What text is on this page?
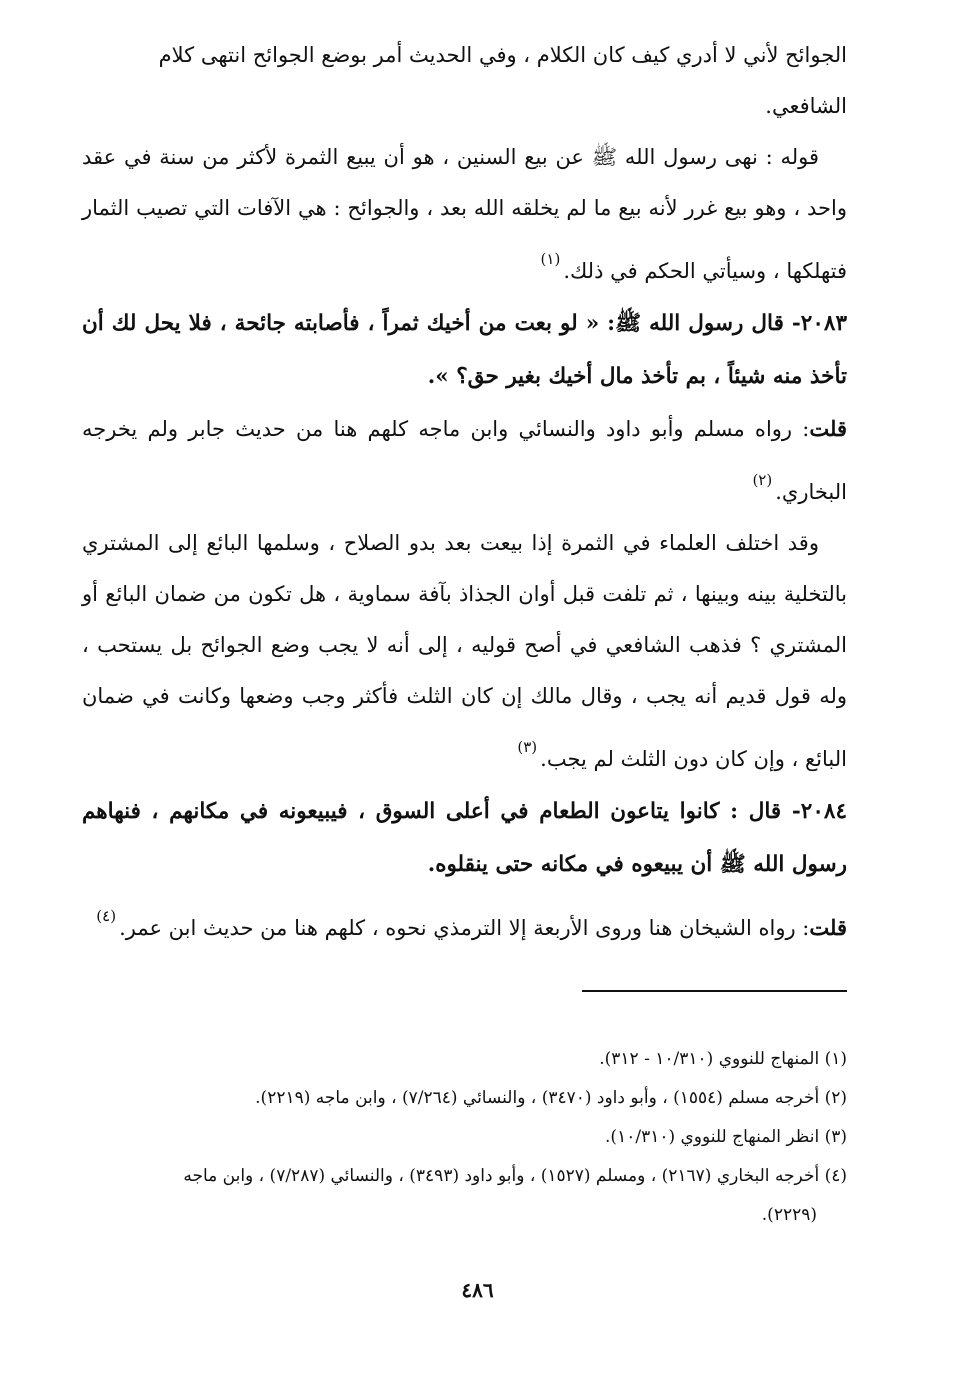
الجوائح لأني لا أدري كيف كان الكلام ، وفي الحديث أمر بوضع الجوائح انتهى كلام
الشافعي.

قوله : نهى رسول الله ﷺ عن بيع السنين ، هو أن يبيع الثمرة لأكثر من سنة في عقد واحد ، وهو بيع غرر لأنه بيع ما لم يخلقه الله بعد ، والجوائح : هي الآفات التي تصيب الثمار فتهلكها ، وسيأتي الحكم في ذلك.$^{(١)}$

٢٠٨٣- قال رسول الله ﷺ: « لو بعت من أخيك ثمراً ، فأصابته جائحة ، فلا يحل لك أن تأخذ منه شيئاً ، بم تأخذ مال أخيك بغير حق؟ ».

قلت: رواه مسلم وأبو داود والنسائي وابن ماجه كلهم هنا من حديث جابر ولم يخرجه البخاري.$^{(٢)}$

وقد اختلف العلماء في الثمرة إذا بيعت بعد بدو الصلاح ، وسلمها البائع إلى المشتري بالتخلية بينه وبينها ، ثم تلفت قبل أوان الجذاذ بآفة سماوية ، هل تكون من ضمان البائع أو المشتري ؟ فذهب الشافعي في أصح قوليه ، إلى أنه لا يجب وضع الجوائح بل يستحب ، وله قول قديم أنه يجب ، وقال مالك إن كان الثلث فأكثر وجب وضعها وكانت في ضمان البائع ، وإن كان دون الثلث لم يجب.$^{(٣)}$

٢٠٨٤- قال : كانوا يتاعون الطعام في أعلى السوق ، فيبيعونه في مكانهم ، فنهاهم رسول الله ﷺ أن يبيعوه في مكانه حتى ينقلوه.

قلت: رواه الشيخان هنا وروى الأربعة إلا الترمذي نحوه ، كلهم هنا من حديث ابن عمر.$^{(٤)}$

(١) المنهاج للنووي (١٠/٣١٠ - ٣١٢).

(٢) أخرجه مسلم (١٥٥٤) ، وأبو داود (٣٤٧٠) ، والنسائي (٧/٢٦٤) ، وابن ماجه (٢٢١٩).

(٣) انظر المنهاج للنووي (١٠/٣١٠).

(٤) أخرجه البخاري (٢١٦٧) ، ومسلم (١٥٢٧) ، وأبو داود (٣٤٩٣) ، والنسائي (٧/٢٨٧) ، وابن ماجه

(٢٢٢٩).

٤٨٦
